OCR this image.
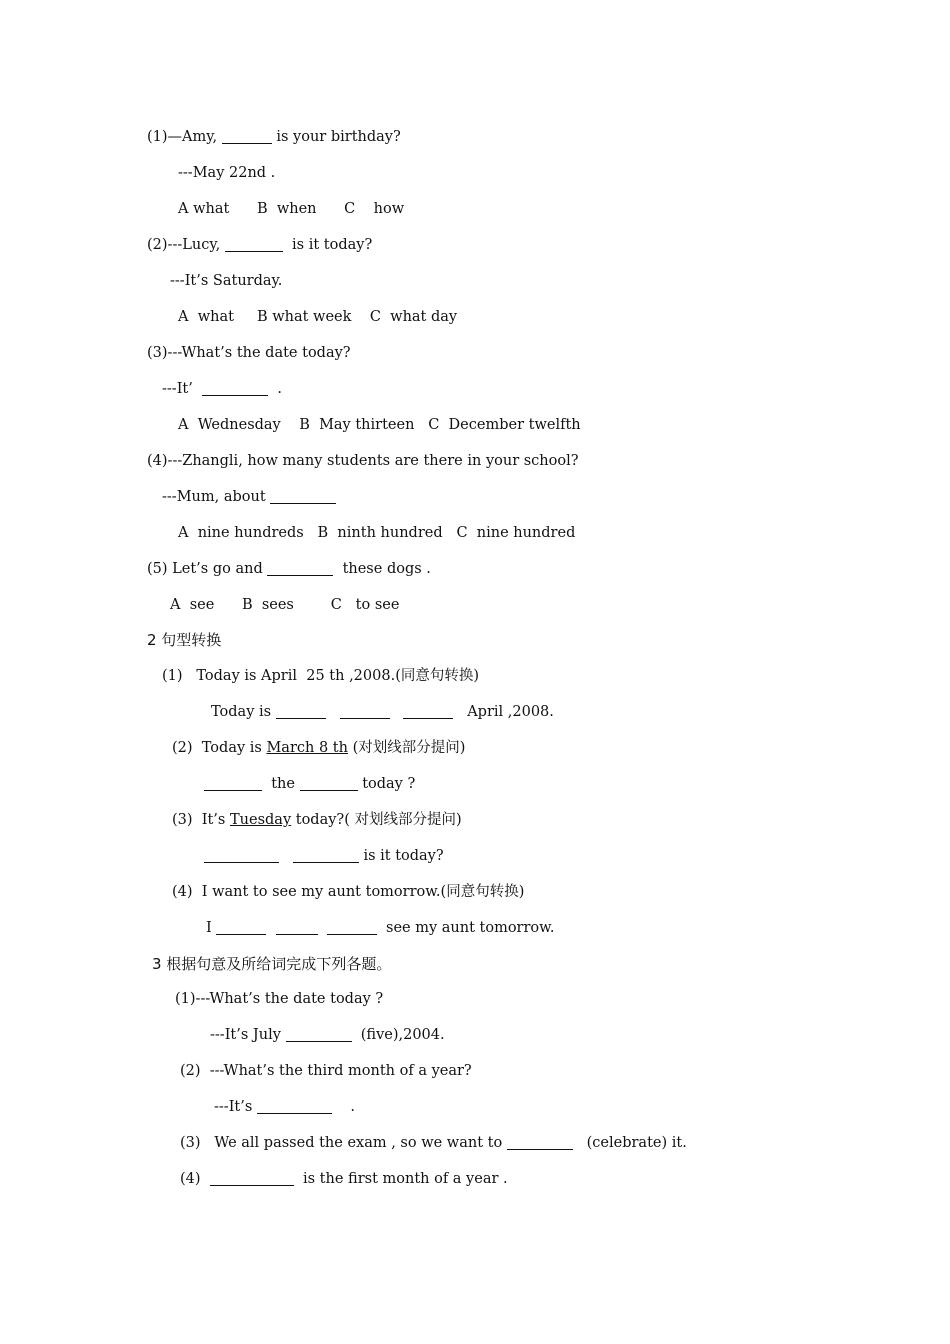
(1)—Amy,	is your birthday?
---May 22nd .
A what      B  when      C    how
(2)---Lucy,	is it today?
---It’s Saturday.
A  what     B what week    C  what day
(3)---What’s the date today?
---It’	.
A  Wednesday    B  May thirteen   C  December twelfth
(4)---Zhangli, how many students are there in your school?
---Mum, about
A  nine hundreds   B  ninth hundred   C  nine hundred
(5) Let’s go and	these dogs .
A  see      B  sees        C   to see
2 句型转换
(1)   Today is April  25 th ,2008.(同意句转换)
Today is	April ,2008.
(2)  Today is March 8 th (对划线部分提问)
the	today ?
(3)  It’s Tuesday today?( 对划线部分提问)
is it today?
(4)  I want to see my aunt tomorrow.(同意句转换)
I	see my aunt tomorrow.
3 根据句意及所给词完成下列各题。
(1)---What’s the date today ?
---It’s July	(five),2004.
(2)  ---What’s the third month of a year?
---It’s	.
(3)   We all passed the exam , so we want to	(celebrate) it.
(4)	is the first month of a year .
